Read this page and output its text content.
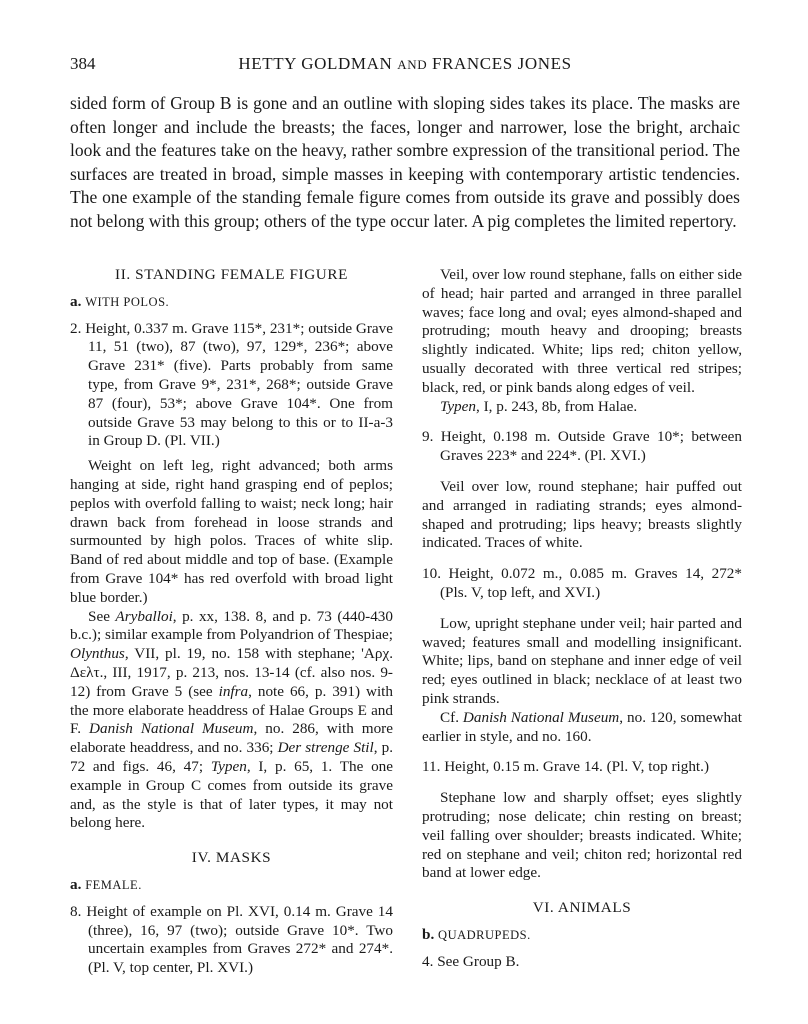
384	HETTY GOLDMAN AND FRANCES JONES

sided form of Group B is gone and an outline with sloping sides takes its place. The masks are often longer and include the breasts; the faces, longer and narrower, lose the bright, archaic look and the features take on the heavy, rather sombre expression of the transitional period. The surfaces are treated in broad, simple masses in keeping with contemporary artistic tendencies. The one example of the standing female figure comes from outside its grave and possibly does not belong with this group; others of the type occur later. A pig completes the limited repertory.

II. STANDING FEMALE FIGURE
a. WITH POLOS.

2. Height, 0.337 m. Grave 115*, 231*; outside Grave 11, 51 (two), 87 (two), 97, 129*, 236*; above Grave 231* (five). Parts probably from same type, from Grave 9*, 231*, 268*; outside Grave 87 (four), 53*; above Grave 104*. One from outside Grave 53 may belong to this or to II-a-3 in Group D. (Pl. VII.)

Weight on left leg, right advanced; both arms hanging at side, right hand grasping end of peplos; peplos with overfold falling to waist; neck long; hair drawn back from forehead in loose strands and surmounted by high polos. Traces of white slip. Band of red about middle and top of base. (Example from Grave 104* has red overfold with broad light blue border.)

See Aryballoi, p. xx, 138. 8, and p. 73 (440-430 b.c.); similar example from Polyandrion of Thespiae; Olynthus, VII, pl. 19, no. 158 with stephane; 'Αρχ. Δελτ., III, 1917, p. 213, nos. 13-14 (cf. also nos. 9-12) from Grave 5 (see infra, note 66, p. 391) with the more elaborate headdress of Halae Groups E and F. Danish National Museum, no. 286, with more elaborate headdress, and no. 336; Der strenge Stil, p. 72 and figs. 46, 47; Typen, I, p. 65, 1. The one example in Group C comes from outside its grave and, as the style is that of later types, it may not belong here.

IV. MASKS
a. FEMALE.

8. Height of example on Pl. XVI, 0.14 m. Grave 14 (three), 16, 97 (two); outside Grave 10*. Two uncertain examples from Graves 272* and 274*. (Pl. V, top center, Pl. XVI.)

Veil, over low round stephane, falls on either side of head; hair parted and arranged in three parallel waves; face long and oval; eyes almond-shaped and protruding; mouth heavy and drooping; breasts slightly indicated. White; lips red; chiton yellow, usually decorated with three vertical red stripes; black, red, or pink bands along edges of veil.

Typen, I, p. 243, 8b, from Halae.

9. Height, 0.198 m. Outside Grave 10*; between Graves 223* and 224*. (Pl. XVI.)

Veil over low, round stephane; hair puffed out and arranged in radiating strands; eyes almond-shaped and protruding; lips heavy; breasts slightly indicated. Traces of white.

10. Height, 0.072 m., 0.085 m. Graves 14, 272* (Pls. V, top left, and XVI.)

Low, upright stephane under veil; hair parted and waved; features small and modelling insignificant. White; lips, band on stephane and inner edge of veil red; eyes outlined in black; necklace of at least two pink strands.

Cf. Danish National Museum, no. 120, somewhat earlier in style, and no. 160.

11. Height, 0.15 m. Grave 14. (Pl. V, top right.)

Stephane low and sharply offset; eyes slightly protruding; nose delicate; chin resting on breast; veil falling over shoulder; breasts indicated. White; red on stephane and veil; chiton red; horizontal red band at lower edge.

VI. ANIMALS
b. QUADRUPEDS.

4. See Group B.
